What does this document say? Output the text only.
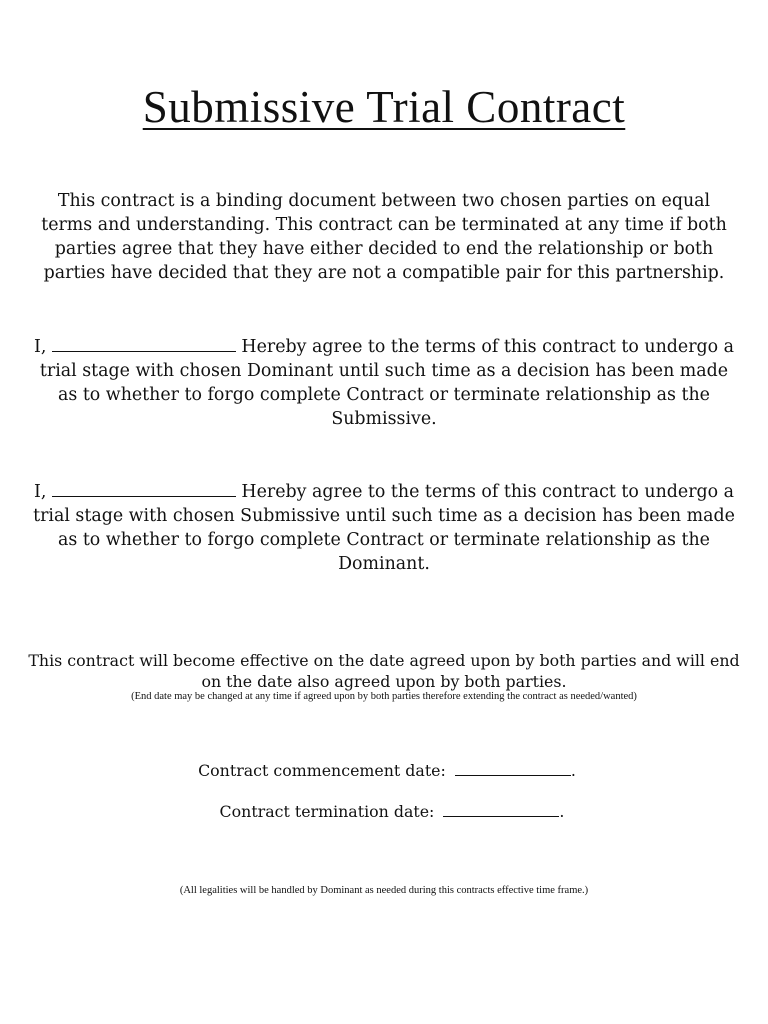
Submissive Trial Contract

This contract is a binding document between two chosen parties on equal terms and understanding. This contract can be terminated at any time if both parties agree that they have either decided to end the relationship or both parties have decided that they are not a compatible pair for this partnership.

I,	Hereby agree to the terms of this contract to undergo a trial stage with chosen Dominant until such time as a decision has been made as to whether to forgo complete Contract or terminate relationship as the Submissive.

I,	Hereby agree to the terms of this contract to undergo a trial stage with chosen Submissive until such time as a decision has been made as to whether to forgo complete Contract or terminate relationship as the Dominant.

This contract will become effective on the date agreed upon by both parties and will end on the date also agreed upon by both parties.

(End date may be changed at any time if agreed upon by both parties therefore extending the contract as needed/wanted)

Contract commencement date:	.

Contract termination date:	.

(All legalities will be handled by Dominant as needed during this contracts effective time frame.)
